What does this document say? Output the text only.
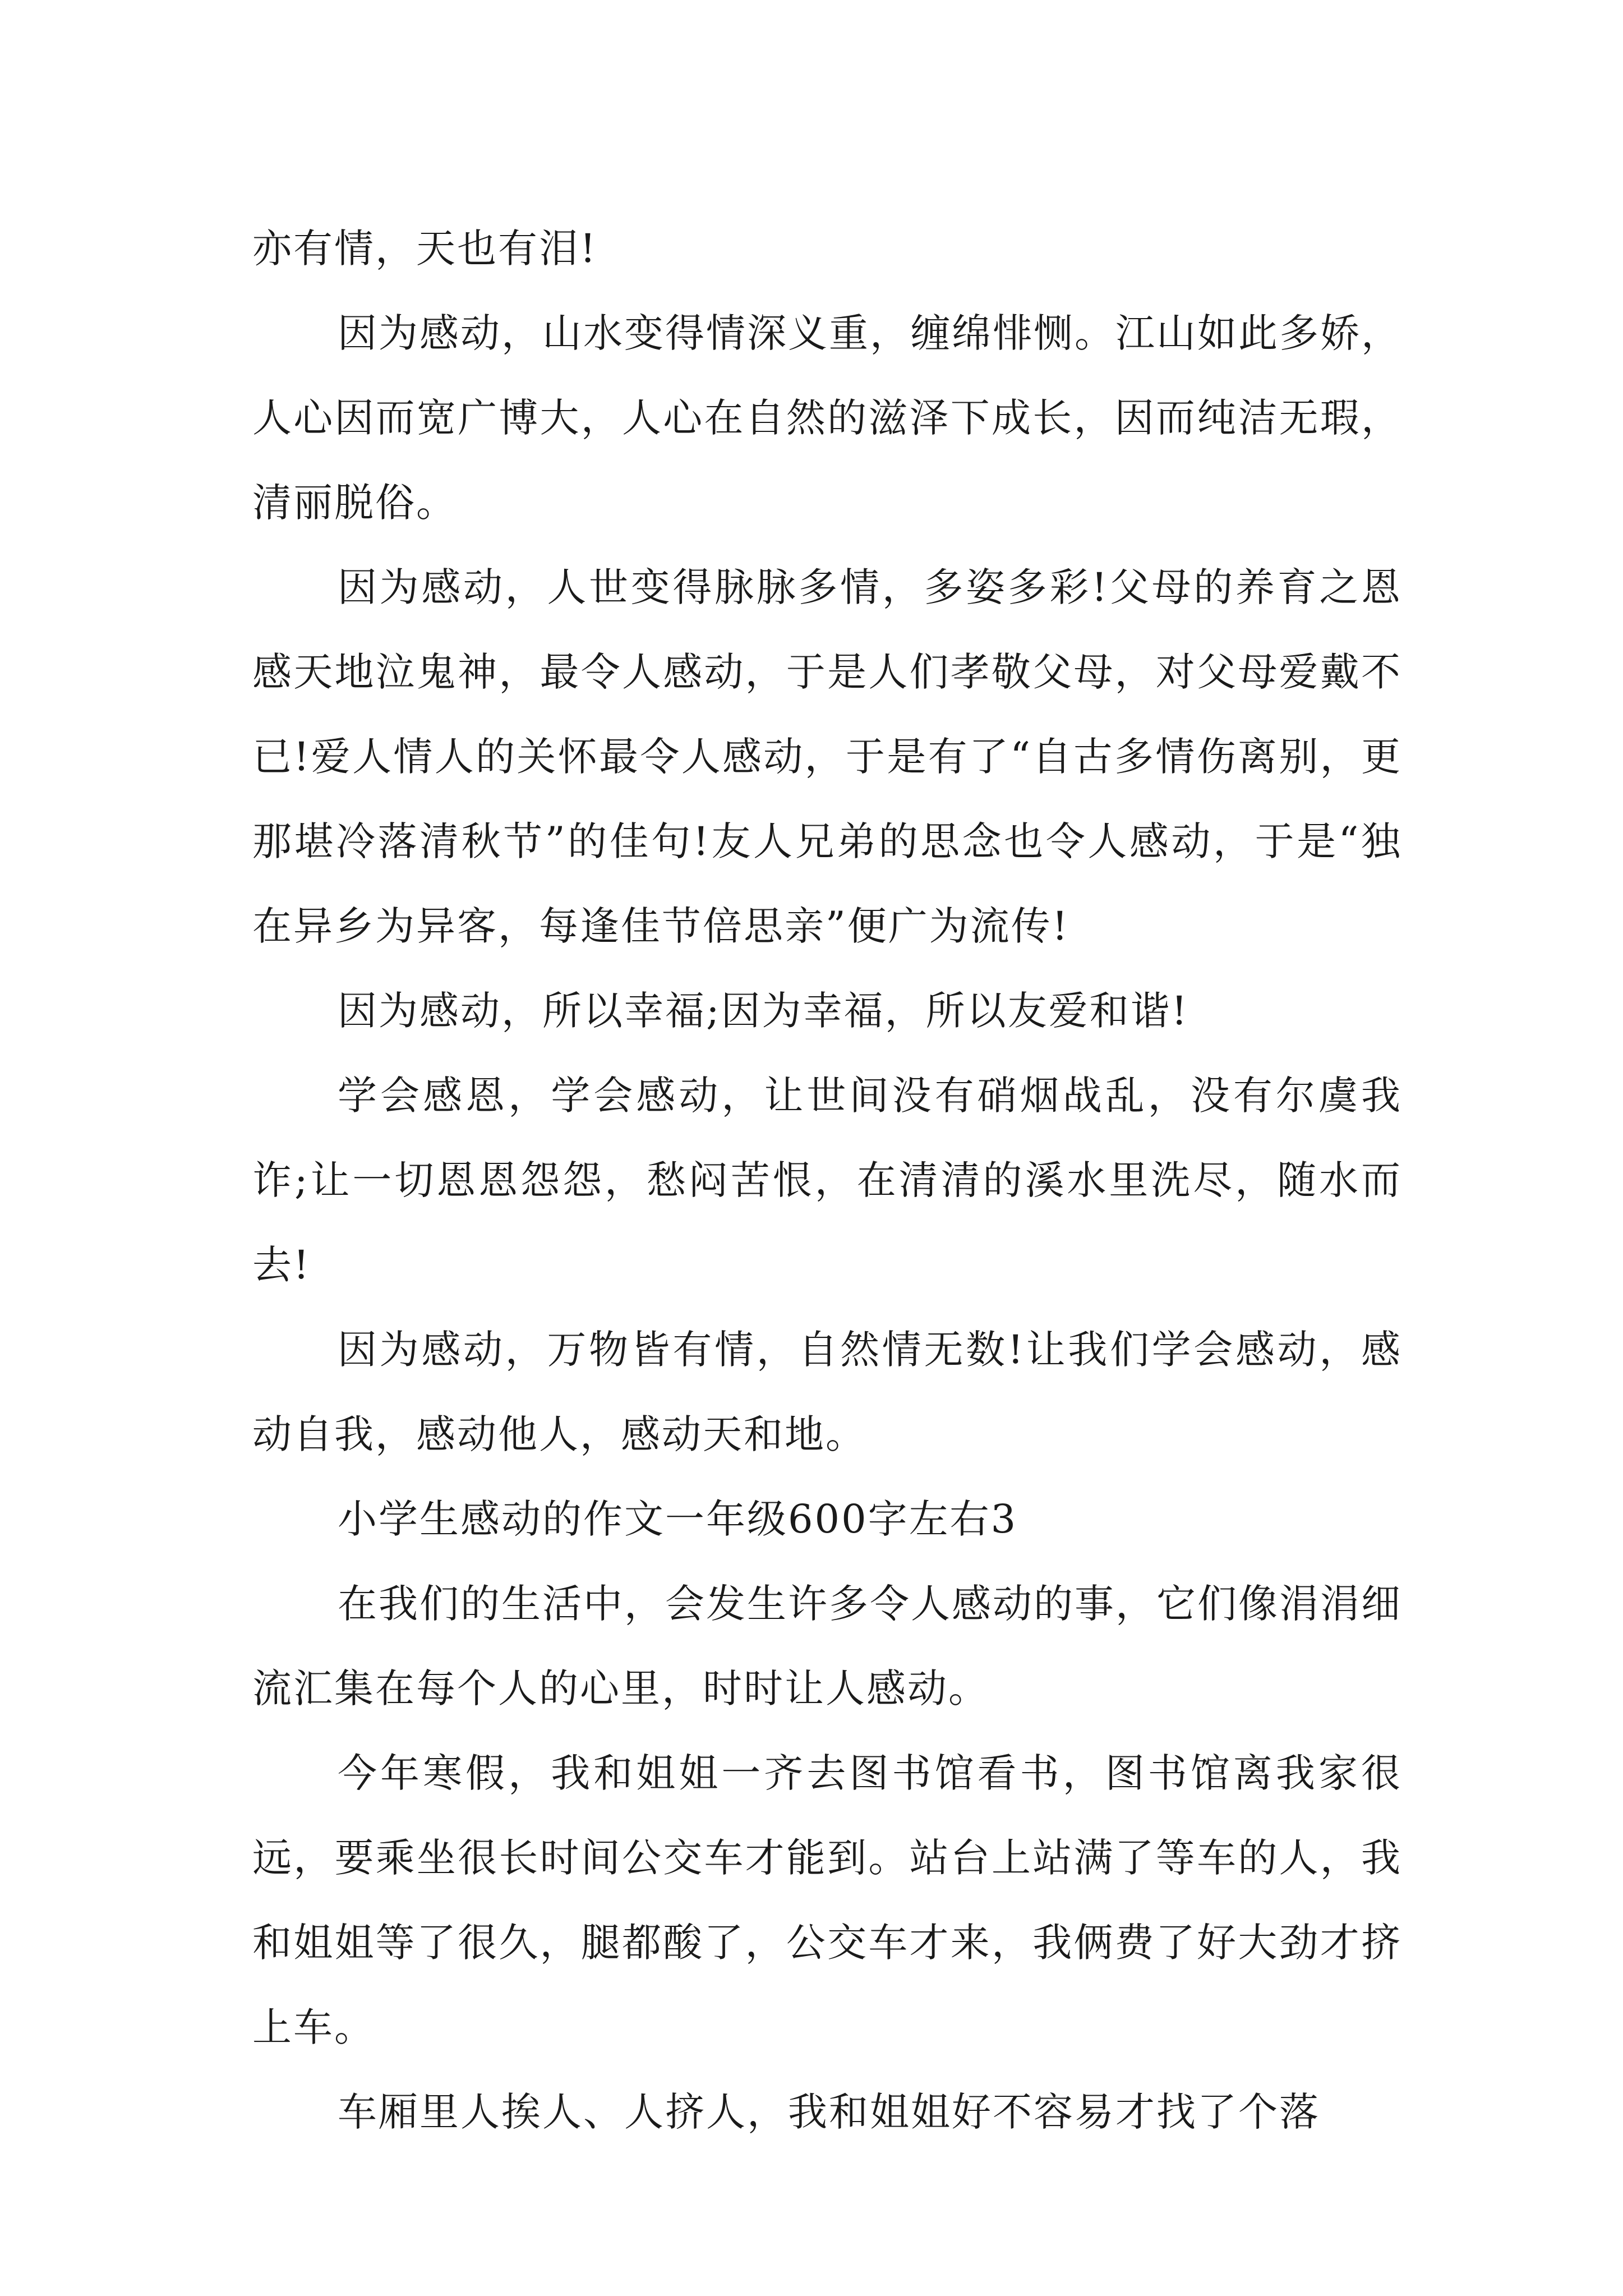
亦有情，天也有泪!

因为感动，山水变得情深义重，缠绵悱恻。江山如此多娇，人心因而宽广博大，人心在自然的滋泽下成长，因而纯洁无瑕，清丽脱俗。

因为感动，人世变得脉脉多情，多姿多彩!父母的养育之恩感天地泣鬼神，最令人感动，于是人们孝敬父母，对父母爱戴不已!爱人情人的关怀最令人感动，于是有了“自古多情伤离别，更那堪冷落清秋节”的佳句!友人兄弟的思念也令人感动，于是“独在异乡为异客，每逢佳节倍思亲”便广为流传!

因为感动，所以幸福;因为幸福，所以友爱和谐!

学会感恩，学会感动，让世间没有硝烟战乱，没有尔虞我诈;让一切恩恩怨怨，愁闷苦恨，在清清的溪水里洗尽，随水而去!

因为感动，万物皆有情，自然情无数!让我们学会感动，感动自我，感动他人，感动天和地。

小学生感动的作文一年级600字左右3

在我们的生活中，会发生许多令人感动的事，它们像涓涓细流汇集在每个人的心里，时时让人感动。

今年寒假，我和姐姐一齐去图书馆看书，图书馆离我家很远，要乘坐很长时间公交车才能到。站台上站满了等车的人，我和姐姐等了很久，腿都酸了，公交车才来，我俩费了好大劲才挤上车。

车厢里人挨人、人挤人，我和姐姐好不容易才找了个落
